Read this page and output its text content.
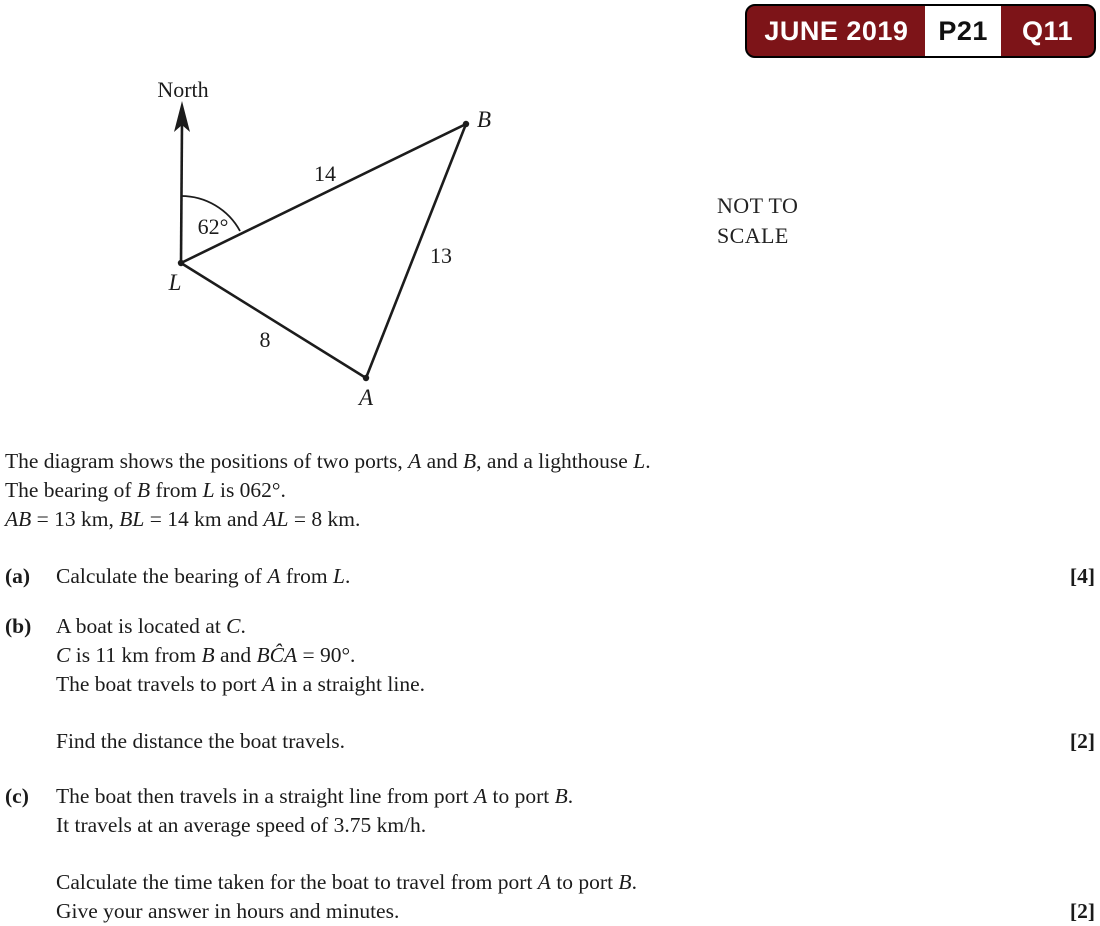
JUNE 2019	P21	Q11
North
62°
14
13
8
L
B
A
NOT TO
SCALE
The diagram shows the positions of two ports, A and B, and a lighthouse L.
The bearing of B from L is 062°.
AB = 13 km, BL = 14 km and AL = 8 km.
(a)	Calculate the bearing of A from L.	[4]
(b)	A boat is located at C.
C is 11 km from B and BĈA = 90°.
The boat travels to port A in a straight line.
Find the distance the boat travels.	[2]
(c)	The boat then travels in a straight line from port A to port B.
It travels at an average speed of 3.75 km/h.
Calculate the time taken for the boat to travel from port A to port B.
Give your answer in hours and minutes.	[2]
